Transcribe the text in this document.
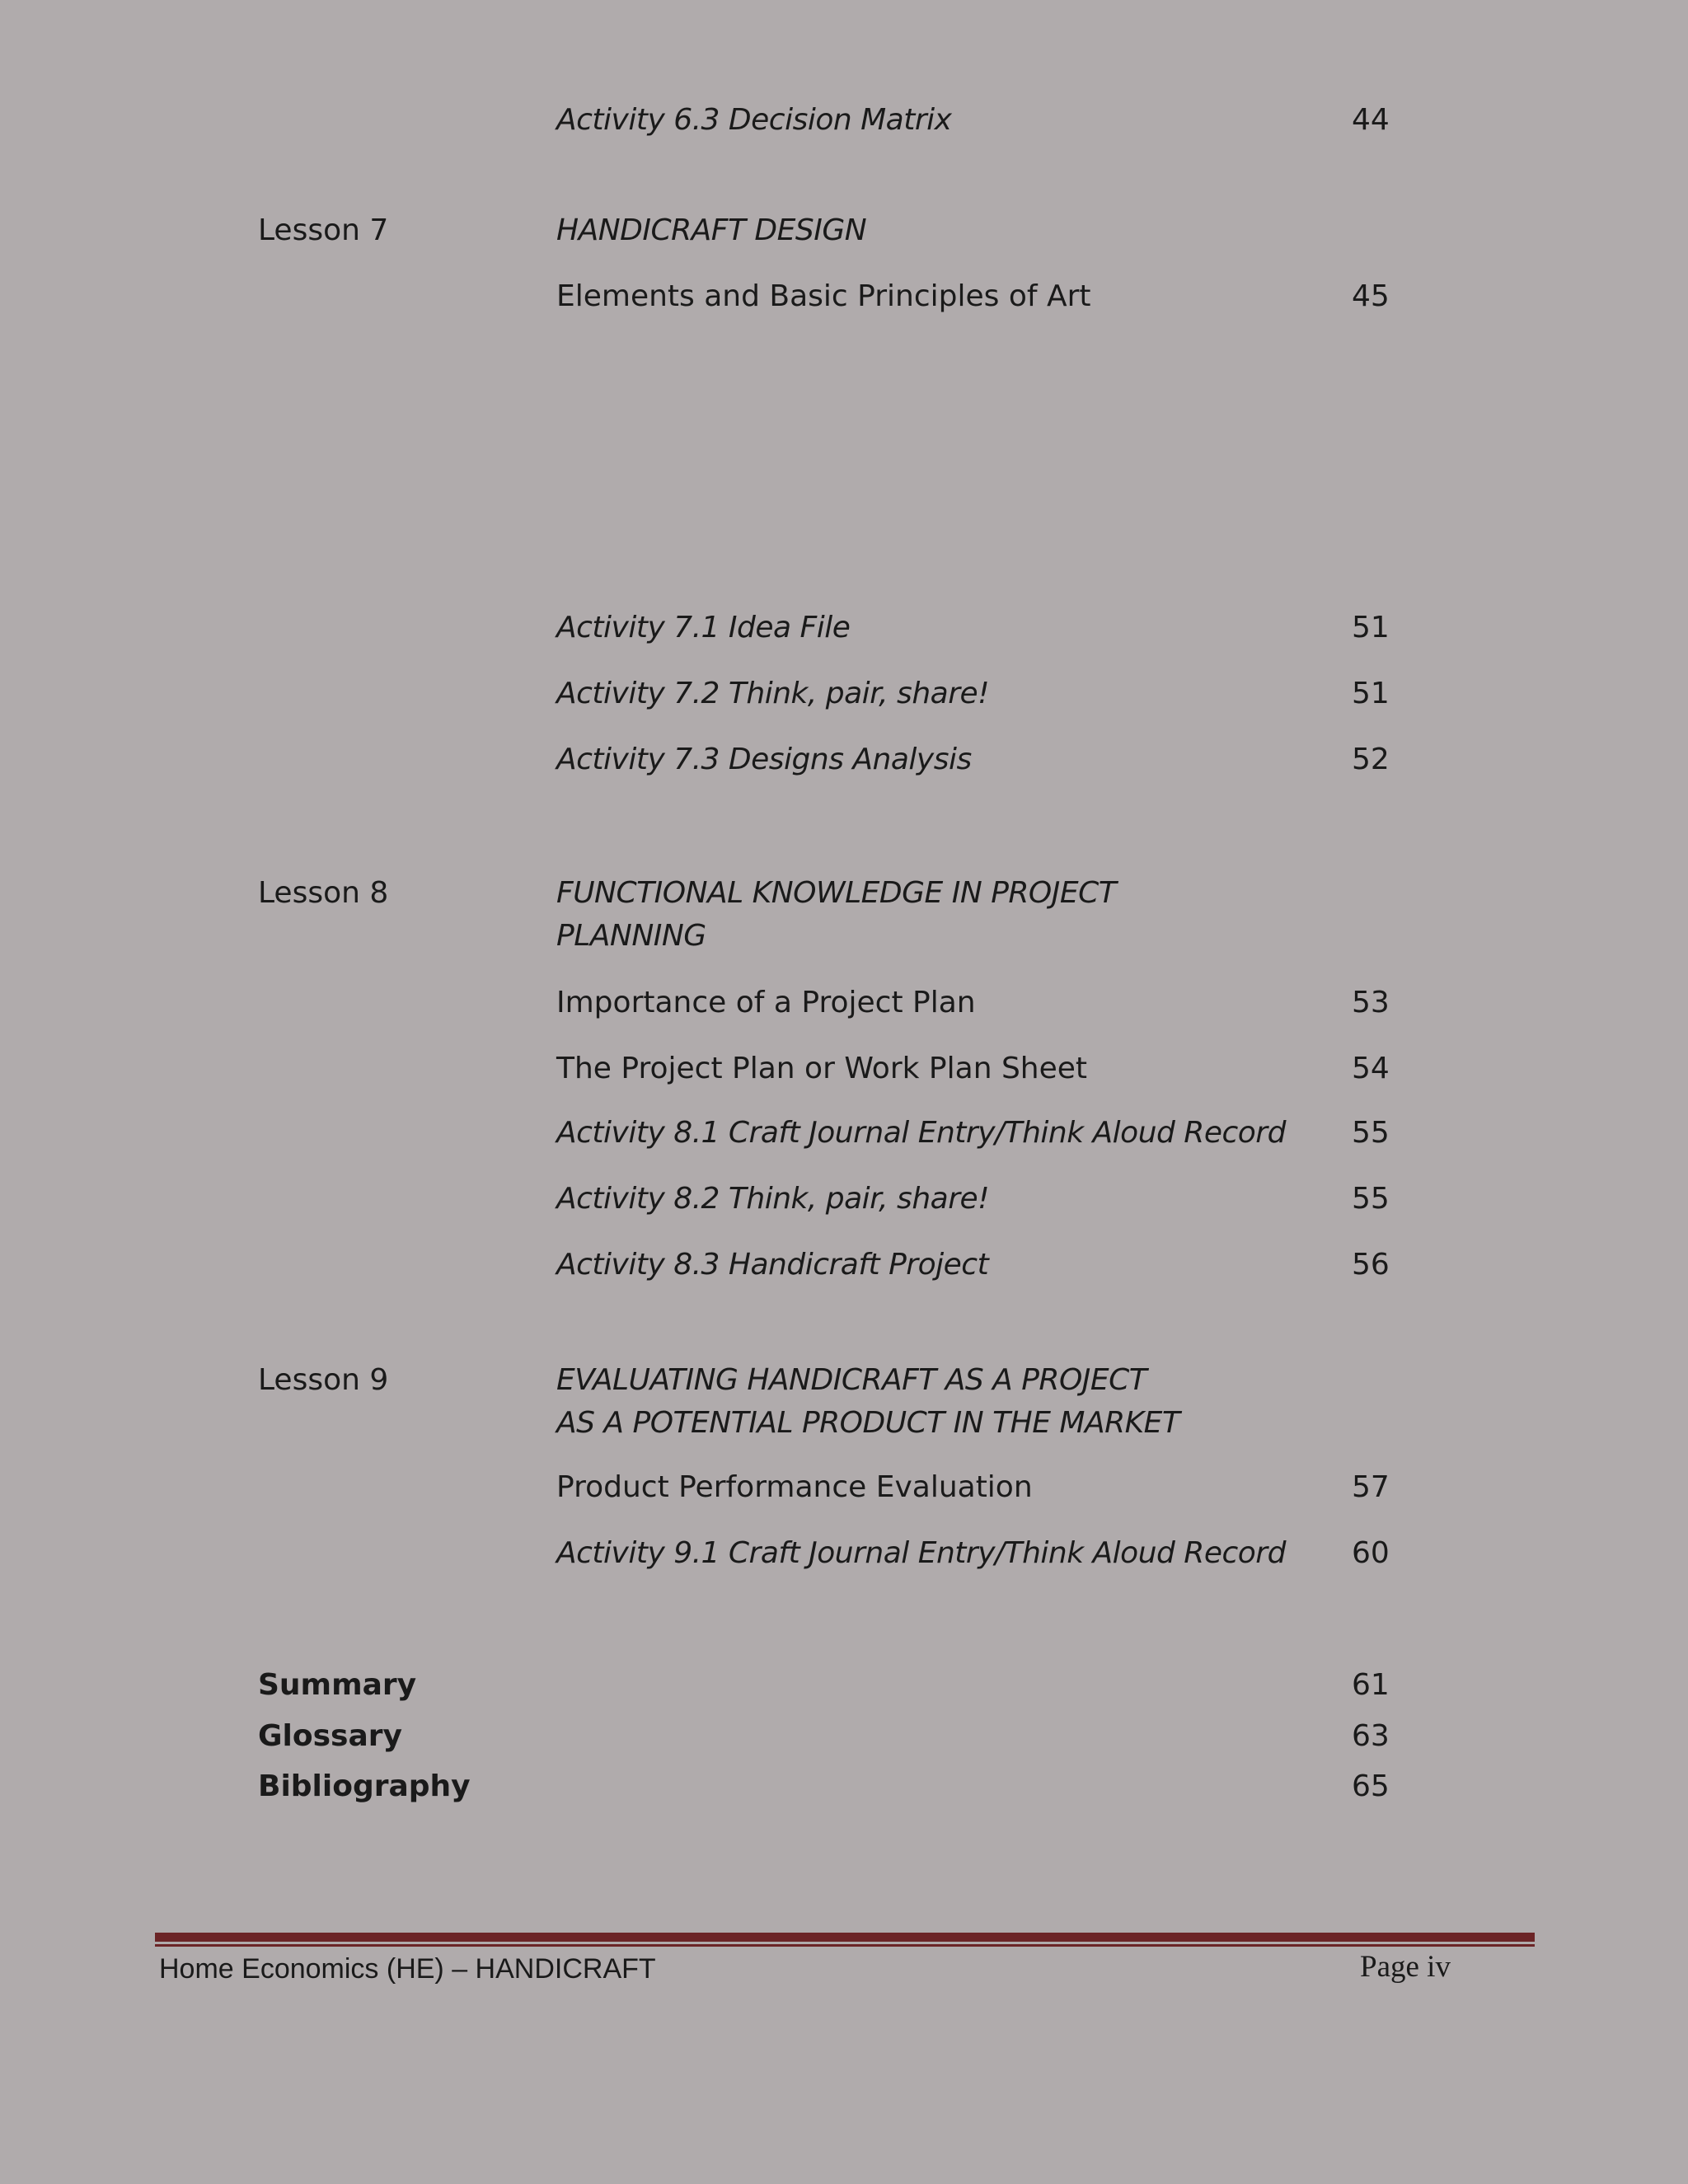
Activity 6.3 Decision Matrix	44
Lesson 7	HANDICRAFT DESIGN
Elements and Basic Principles of Art	45
Activity 7.1 Idea File	51
Activity 7.2 Think, pair, share!	51
Activity 7.3 Designs Analysis	52
Lesson 8	FUNCTIONAL KNOWLEDGE IN PROJECT
PLANNING
Importance of a Project Plan	53
The Project Plan or Work Plan Sheet	54
Activity 8.1 Craft Journal Entry/Think Aloud Record 55
Activity 8.2 Think, pair, share!	55
Activity 8.3 Handicraft Project	56
Lesson 9	EVALUATING HANDICRAFT AS A PROJECT
AS A POTENTIAL PRODUCT IN THE MARKET
Product Performance Evaluation	57
Activity 9.1 Craft Journal Entry/Think Aloud Record 60
Summary	61
Glossary	63
Bibliography	65
Home Economics (HE) – HANDICRAFT	Page iv
